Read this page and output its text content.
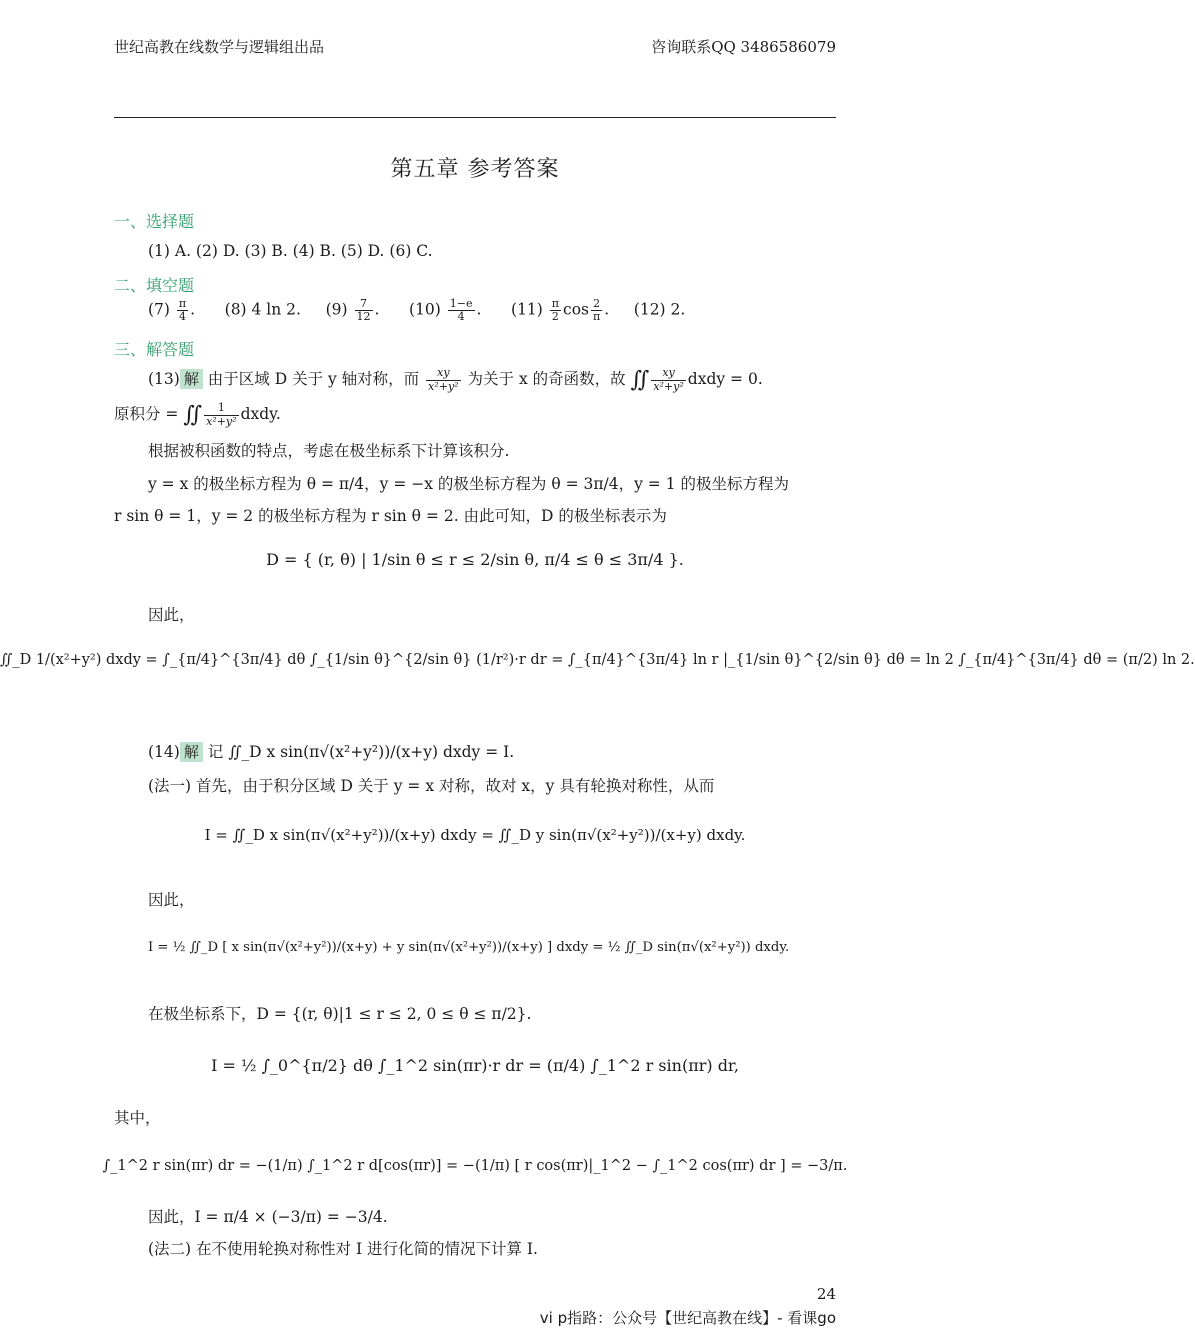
世纪高教在线数学与逻辑组出品	咨询联系QQ 3486586079
第五章 参考答案
一、选择题
(1) A. (2) D. (3) B. (4) B. (5) D. (6) C.
二、填空题
$(7) \frac{\pi}{4}$ .      (8) 4 ln 2. $(9) \frac{7}{12}$ .      $(10) \frac{1-e}{4}$ .      $(11) \frac{\pi}{2}$ $\cos \frac{2}{\pi}$ .     (12) 2.
三、解答题
(13) 解 由于区域 D 关于 y 轴对称，而 $\frac{xy}{\text{x²+y²}}$ 为关于 x 的奇函数，故 ∬ $\frac{xy}{\text{x²+y²}}$ dxdy = 0.
原积分 = ∬ $\frac{1}{\text{x²+y²}}$ dxdy.
根据被积函数的特点，考虑在极坐标系下计算该积分.
y = x 的极坐标方程为 θ = π/4，y = −x 的极坐标方程为 θ = 3π/4，y = 1 的极坐标方程为
r sin θ = 1，y = 2 的极坐标方程为 r sin θ = 2. 由此可知，D 的极坐标表示为
D = { (r, θ) | 1/sin θ ≤ r ≤ 2/sin θ, π/4 ≤ θ ≤ 3π/4 }.
因此，
∬_D 1/(x²+y²) dxdy = ∫_{π/4}^{3π/4} dθ ∫_{1/sin θ}^{2/sin θ} (1/r²)·r dr = ∫_{π/4}^{3π/4} ln r |_{1/sin θ}^{2/sin θ} dθ = ln 2 ∫_{π/4}^{3π/4} dθ = (π/2) ln 2.
(14) 解 记 ∬_D x sin(π√(x²+y²))/(x+y) dxdy = I.
(法一) 首先，由于积分区域 D 关于 y = x 对称，故对 x，y 具有轮换对称性，从而
I = ∬_D x sin(π√(x²+y²))/(x+y) dxdy = ∬_D y sin(π√(x²+y²))/(x+y) dxdy.
因此，
I = ½ ∬_D [ x sin(π√(x²+y²))/(x+y) + y sin(π√(x²+y²))/(x+y) ] dxdy = ½ ∬_D sin(π√(x²+y²)) dxdy.
在极坐标系下，D = {(r, θ)|1 ≤ r ≤ 2, 0 ≤ θ ≤ π/2}.
I = ½ ∫_0^{π/2} dθ ∫_1^2 sin(πr)·r dr = (π/4) ∫_1^2 r sin(πr) dr,
其中，
∫_1^2 r sin(πr) dr = −(1/π) ∫_1^2 r d[cos(πr)] = −(1/π) [ r cos(πr)|_1^2 − ∫_1^2 cos(πr) dr ] = −3/π.
因此，I = π/4 × (−3/π) = −3/4.
(法二) 在不使用轮换对称性对 I 进行化简的情况下计算 I.
24
vi p指路：公众号【世纪高教在线】- 看课go
